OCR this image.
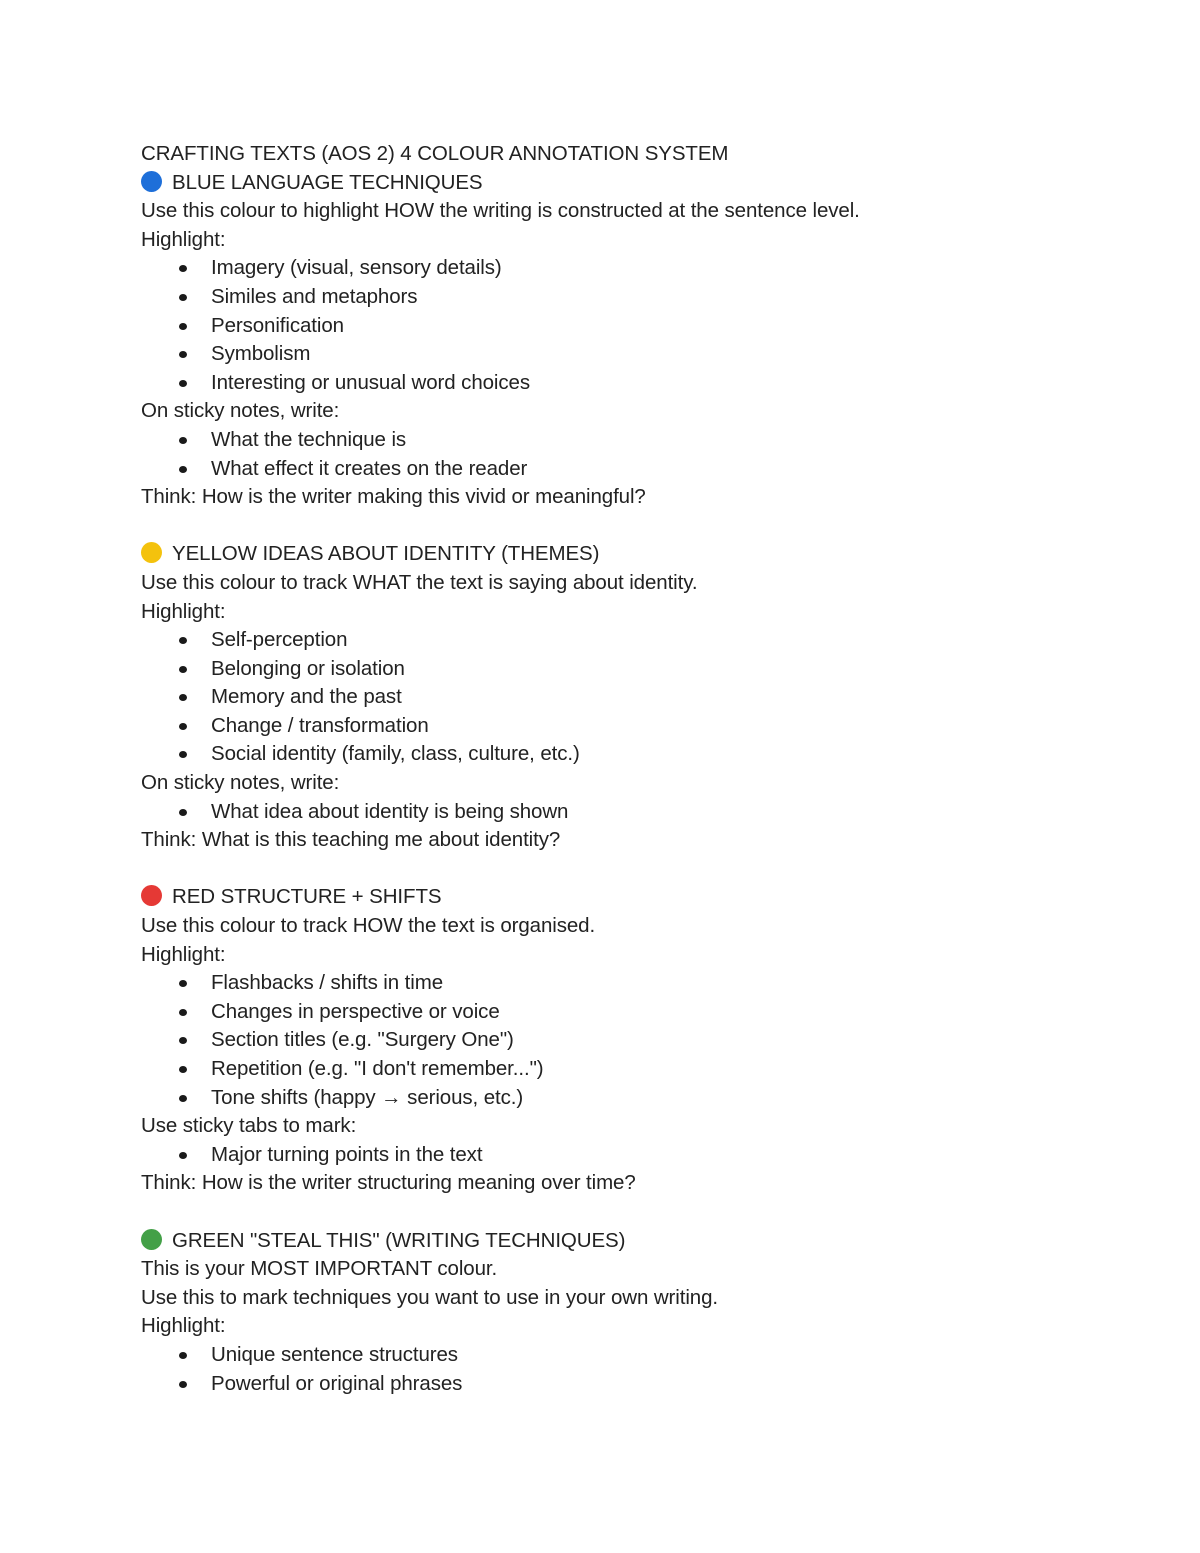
CRAFTING TEXTS (AOS 2) 4 COLOUR ANNOTATION SYSTEM
BLUE LANGUAGE TECHNIQUES
Use this colour to highlight HOW the writing is constructed at the sentence level.
Highlight:
Imagery (visual, sensory details)
Similes and metaphors
Personification
Symbolism
Interesting or unusual word choices
On sticky notes, write:
What the technique is
What effect it creates on the reader
Think: How is the writer making this vivid or meaningful?
YELLOW IDEAS ABOUT IDENTITY (THEMES)
Use this colour to track WHAT the text is saying about identity.
Highlight:
Self-perception
Belonging or isolation
Memory and the past
Change / transformation
Social identity (family, class, culture, etc.)
On sticky notes, write:
What idea about identity is being shown
Think: What is this teaching me about identity?
RED STRUCTURE + SHIFTS
Use this colour to track HOW the text is organised.
Highlight:
Flashbacks / shifts in time
Changes in perspective or voice
Section titles (e.g. "Surgery One")
Repetition (e.g. "I don't remember...")
Tone shifts (happy → serious, etc.)
Use sticky tabs to mark:
Major turning points in the text
Think: How is the writer structuring meaning over time?
GREEN "STEAL THIS" (WRITING TECHNIQUES)
This is your MOST IMPORTANT colour.
Use this to mark techniques you want to use in your own writing.
Highlight:
Unique sentence structures
Powerful or original phrases
